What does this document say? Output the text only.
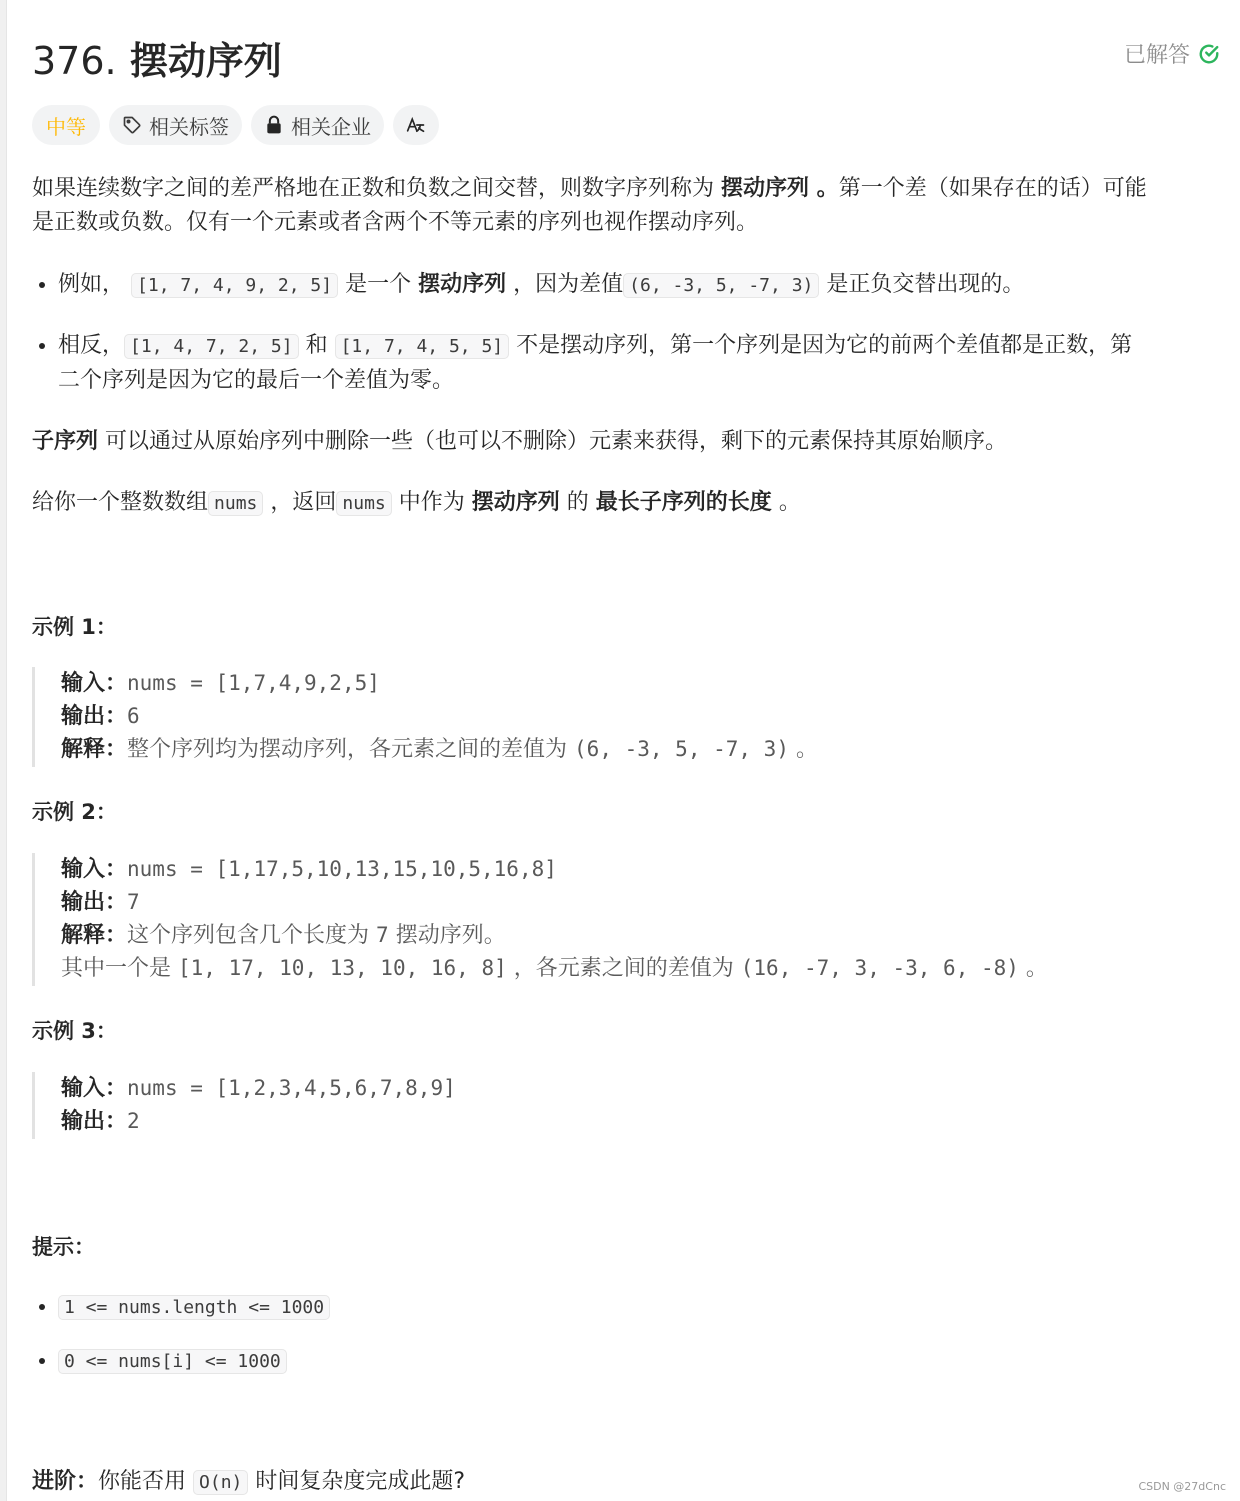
376. 摆动序列	已解答
中等	相关标签	相关企业
如果连续数字之间的差严格地在正数和负数之间交替，则数字序列称为 摆动序列 。第一个差（如果存在的话）可能
是正数或负数。仅有一个元素或者含两个不等元素的序列也视作摆动序列。
• 例如， [1, 7, 4, 9, 2, 5] 是一个 摆动序列 ，因为差值 (6, -3, 5, -7, 3) 是正负交替出现的。
• 相反， [1, 4, 7, 2, 5] 和 [1, 7, 4, 5, 5] 不是摆动序列，第一个序列是因为它的前两个差值都是正数，第
二个序列是因为它的最后一个差值为零。
子序列 可以通过从原始序列中删除一些（也可以不删除）元素来获得，剩下的元素保持其原始顺序。
给你一个整数数组 nums ，返回 nums 中作为 摆动序列 的 最长子序列的长度 。
示例 1：
输入：nums = [1,7,4,9,2,5]
输出：6
解释：整个序列均为摆动序列，各元素之间的差值为 (6, -3, 5, -7, 3) 。
示例 2：
输入：nums = [1,17,5,10,13,15,10,5,16,8]
输出：7
解释：这个序列包含几个长度为 7 摆动序列。
其中一个是 [1, 17, 10, 13, 10, 16, 8] ，各元素之间的差值为 (16, -7, 3, -3, 6, -8) 。
示例 3：
输入：nums = [1,2,3,4,5,6,7,8,9]
输出：2
提示：
• 1 <= nums.length <= 1000
• 0 <= nums[i] <= 1000
进阶：你能否用 O(n) 时间复杂度完成此题?	CSDN @27dCnc
